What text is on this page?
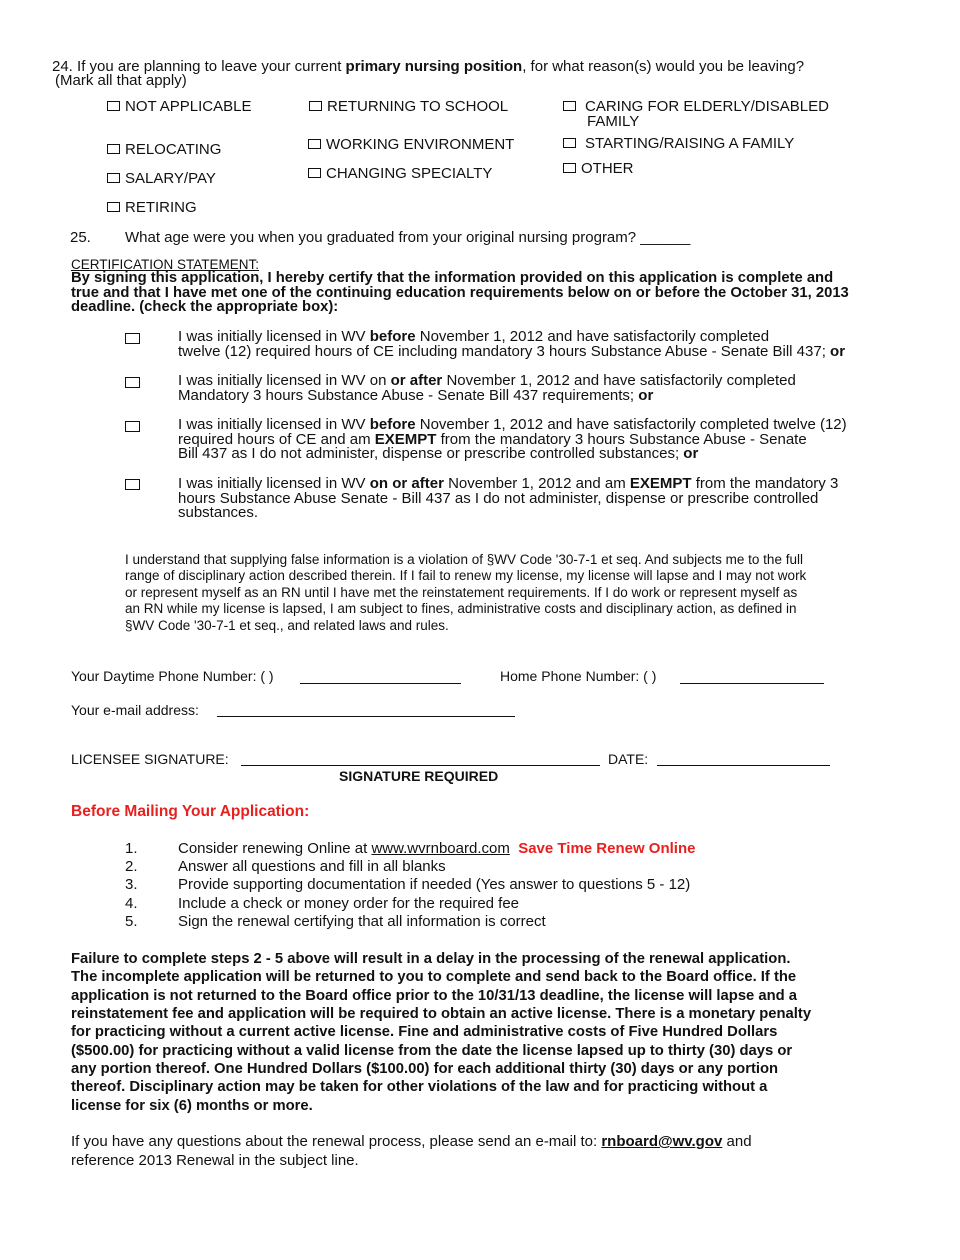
24. If you are planning to leave your current primary nursing position, for what reason(s) would you be leaving?
(Mark all that apply)
NOT APPLICABLE	RETURNING TO SCHOOL	CARING FOR ELDERLY/DISABLED
FAMILY
RELOCATING	WORKING ENVIRONMENT	STARTING/RAISING A FAMILY
SALARY/PAY	CHANGING SPECIALTY	OTHER
RETIRING
25. What age were you when you graduated from your original nursing program? ______
CERTIFICATION STATEMENT:
By signing this application, I hereby certify that the information provided on this application is complete and
true and that I have met one of the continuing education requirements below on or before the October 31, 2013
deadline. (check the appropriate box):
I was initially licensed in WV before November 1, 2012 and have satisfactorily completed
twelve (12) required hours of CE including mandatory 3 hours Substance Abuse - Senate Bill 437; or
I was initially licensed in WV on or after November 1, 2012 and have satisfactorily completed
Mandatory 3 hours Substance Abuse - Senate Bill 437 requirements; or
I was initially licensed in WV before November 1, 2012 and have satisfactorily completed twelve (12)
required hours of CE and am EXEMPT from the mandatory 3 hours Substance Abuse - Senate
Bill 437 as I do not administer, dispense or prescribe controlled substances; or
I was initially licensed in WV on or after November 1, 2012 and am EXEMPT from the mandatory 3
hours Substance Abuse Senate - Bill 437 as I do not administer, dispense or prescribe controlled
substances.
I understand that supplying false information is a violation of §WV Code '30-7-1 et seq. And subjects me to the full
range of disciplinary action described therein. If I fail to renew my license, my license will lapse and I may not work
or represent myself as an RN until I have met the reinstatement requirements. If I do work or represent myself as
an RN while my license is lapsed, I am subject to fines, administrative costs and disciplinary action, as defined in
§WV Code '30-7-1 et seq., and related laws and rules.
Your Daytime Phone Number: ( )	Home Phone Number: ( )
Your e-mail address:
LICENSEE SIGNATURE:	DATE:
SIGNATURE REQUIRED
Before Mailing Your Application:
1.	Consider renewing Online at www.wvrnboard.com Save Time Renew Online
2.	Answer all questions and fill in all blanks
3.	Provide supporting documentation if needed (Yes answer to questions 5 - 12)
4.	Include a check or money order for the required fee
5.	Sign the renewal certifying that all information is correct
Failure to complete steps 2 - 5 above will result in a delay in the processing of the renewal application.
The incomplete application will be returned to you to complete and send back to the Board office. If the
application is not returned to the Board office prior to the 10/31/13 deadline, the license will lapse and a
reinstatement fee and application will be required to obtain an active license. There is a monetary penalty
for practicing without a current active license. Fine and administrative costs of Five Hundred Dollars
($500.00) for practicing without a valid license from the date the license lapsed up to thirty (30) days or
any portion thereof. One Hundred Dollars ($100.00) for each additional thirty (30) days or any portion
thereof. Disciplinary action may be taken for other violations of the law and for practicing without a
license for six (6) months or more.
If you have any questions about the renewal process, please send an e-mail to: rnboard@wv.gov and
reference 2013 Renewal in the subject line.
